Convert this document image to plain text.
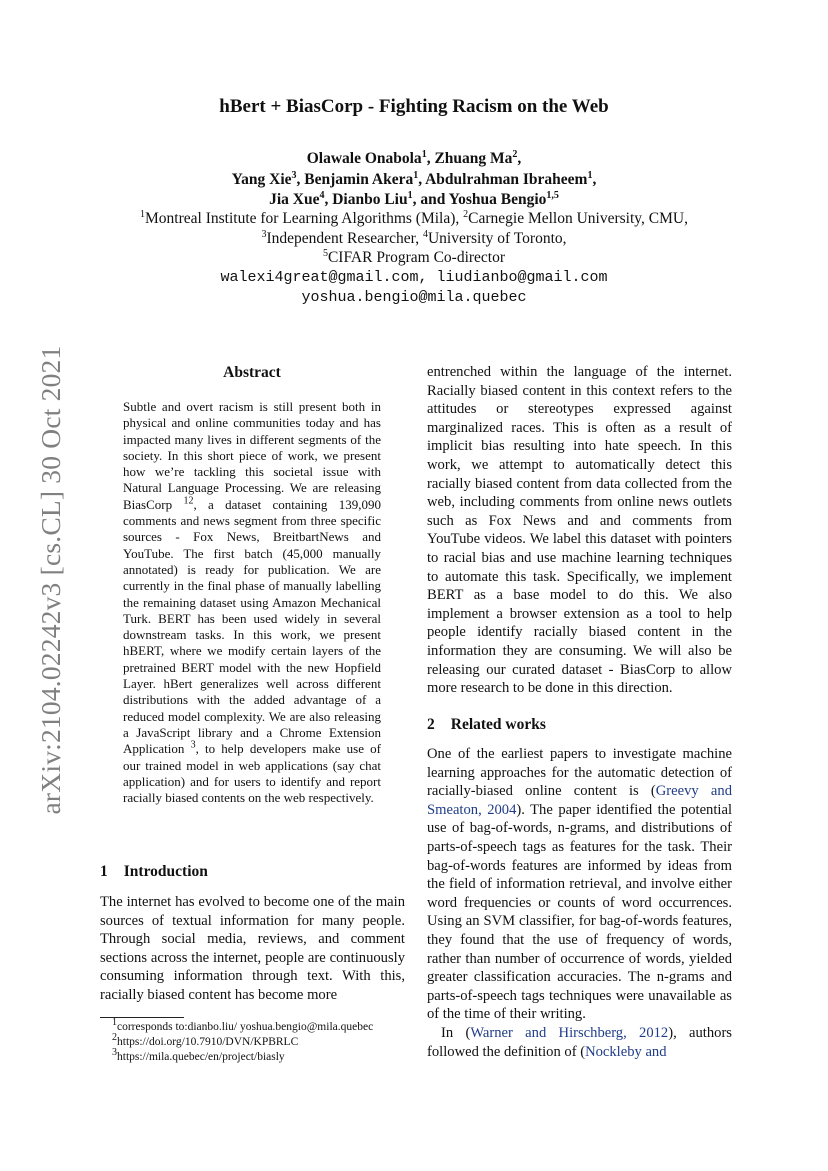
hBert + BiasCorp - Fighting Racism on the Web
Olawale Onabola$^1$, Zhuang Ma$^2$,
Yang Xie$^3$, Benjamin Akera$^1$, Abdulrahman Ibraheem$^1$,
Jia Xue$^4$, Dianbo Liu$^1$, and Yoshua Bengio$^{1,5}$
$^1$Montreal Institute for Learning Algorithms (Mila), $^2$Carnegie Mellon University, CMU,
$^3$Independent Researcher, $^4$University of Toronto,
$^5$CIFAR Program Co-director
walexi4great@gmail.com, liudianbo@gmail.com
yoshua.bengio@mila.quebec
arXiv:2104.02242v3 [cs.CL] 30 Oct 2021	Abstract
Subtle and overt racism is still present both in physical and online communities today and has impacted many lives in different segments of the society. In this short piece of work, we present how we’re tackling this societal issue with Natural Language Processing. We are releasing BiasCorp $^{12}$, a dataset containing 139,090 comments and news segment from three specific sources - Fox News, BreitbartNews and YouTube. The first batch (45,000 manually annotated) is ready for publication. We are currently in the final phase of manually labelling the remaining dataset using Amazon Mechanical Turk. BERT has been used widely in several downstream tasks. In this work, we present hBERT, where we modify certain layers of the pretrained BERT model with the new Hopfield Layer. hBert generalizes well across different distributions with the added advantage of a reduced model complexity. We are also releasing a JavaScript library and a Chrome Extension Application $^3$, to help developers make use of our trained model in web applications (say chat application) and for users to identify and report racially biased contents on the web respectively.
1 Introduction
The internet has evolved to become one of the main sources of textual information for many people. Through social media, reviews, and comment sections across the internet, people are continuously consuming information through text. With this, racially biased content has become more
$^1$corresponds to:dianbo.liu/ yoshua.bengio@mila.quebec
$^2$https://doi.org/10.7910/DVN/KPBRLC
$^3$https://mila.quebec/en/project/biasly
entrenched within the language of the internet. Racially biased content in this context refers to the attitudes or stereotypes expressed against marginalized races. This is often as a result of implicit bias resulting into hate speech. In this work, we attempt to automatically detect this racially biased content from data collected from the web, including comments from online news outlets such as Fox News and and comments from YouTube videos. We label this dataset with pointers to racial bias and use machine learning techniques to automate this task. Specifically, we implement BERT as a base model to do this. We also implement a browser extension as a tool to help people identify racially biased content in the information they are consuming. We will also be releasing our curated dataset - BiasCorp to allow more research to be done in this direction.
2 Related works

One of the earliest papers to investigate machine learning approaches for the automatic detection of racially-biased online content is (Greevy and Smeaton, 2004). The paper identified the potential use of bag-of-words, n-grams, and distributions of parts-of-speech tags as features for the task. Their bag-of-words features are informed by ideas from the field of information retrieval, and involve either word frequencies or counts of word occurrences. Using an SVM classifier, for bag-of-words features, they found that the use of frequency of words, rather than number of occurrence of words, yielded greater classification accuracies. The n-grams and parts-of-speech tags techniques were unavailable as of the time of their writing.

In (Warner and Hirschberg, 2012), authors followed the definition of (Nockleby and
